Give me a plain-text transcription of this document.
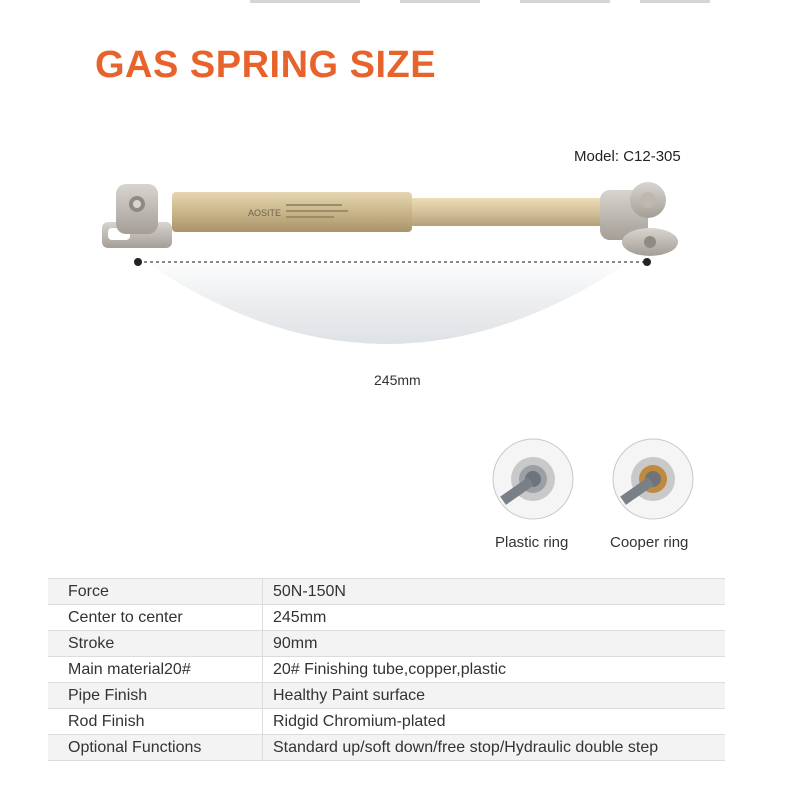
GAS SPRING SIZE
Model: C12-305
AOSITE
245mm
Plastic ring	Cooper ring
Force	50N-150N
Center to center	245mm
Stroke	90mm
Main material20#	20# Finishing tube,copper,plastic
Pipe Finish	Healthy Paint surface
Rod Finish	Ridgid Chromium-plated
Optional Functions	Standard up/soft down/free stop/Hydraulic double step
